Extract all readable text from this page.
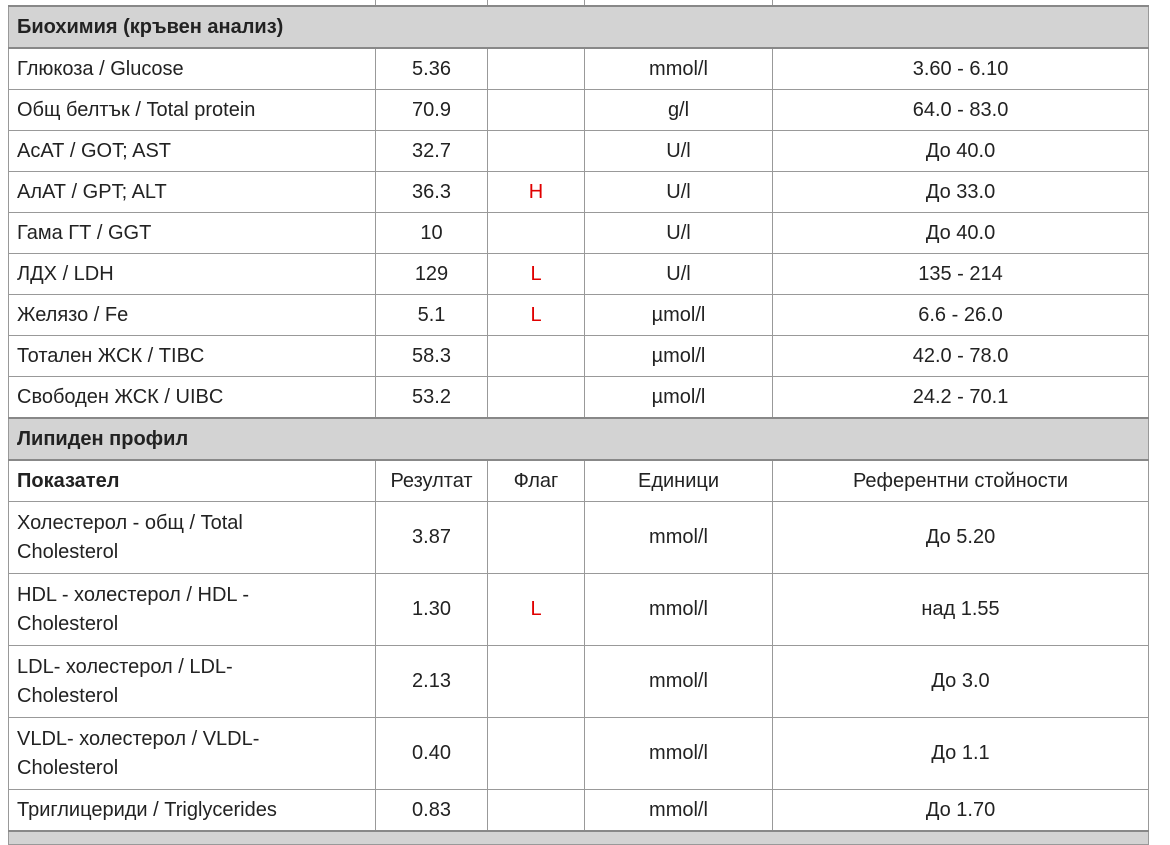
Биохимия (кръвен анализ)				
Глюкоза / Glucose	5.36		mmol/l	3.60 - 6.10
Общ белтък / Total protein	70.9		g/l	64.0 - 83.0
АсАТ / GOT; AST	32.7		U/l	До 40.0
АлАТ / GPT; ALT	36.3	H	U/l	До 33.0
Гама ГТ / GGT	10		U/l	До 40.0
ЛДХ / LDH	129	L	U/l	135 - 214
Желязо / Fe	5.1	L	µmol/l	6.6 - 26.0
Тотален ЖСК / TIBC	58.3		µmol/l	42.0 - 78.0
Свободен ЖСК / UIBC	53.2		µmol/l	24.2 - 70.1
Липиден профил				
Показател	Резултат	Флаг	Единици	Референтни стойности

Холестерол - общ / Total
Cholesterol	3.87		mmol/l	До 5.20

HDL - холестерол / HDL -
Cholesterol	1.30	L	mmol/l	над 1.55

LDL- холестерол / LDL-
Cholesterol	2.13		mmol/l	До 3.0

VLDL- холестерол / VLDL-
Cholesterol	0.40		mmol/l	До 1.1
Триглицериди / Triglycerides	0.83		mmol/l	До 1.70
